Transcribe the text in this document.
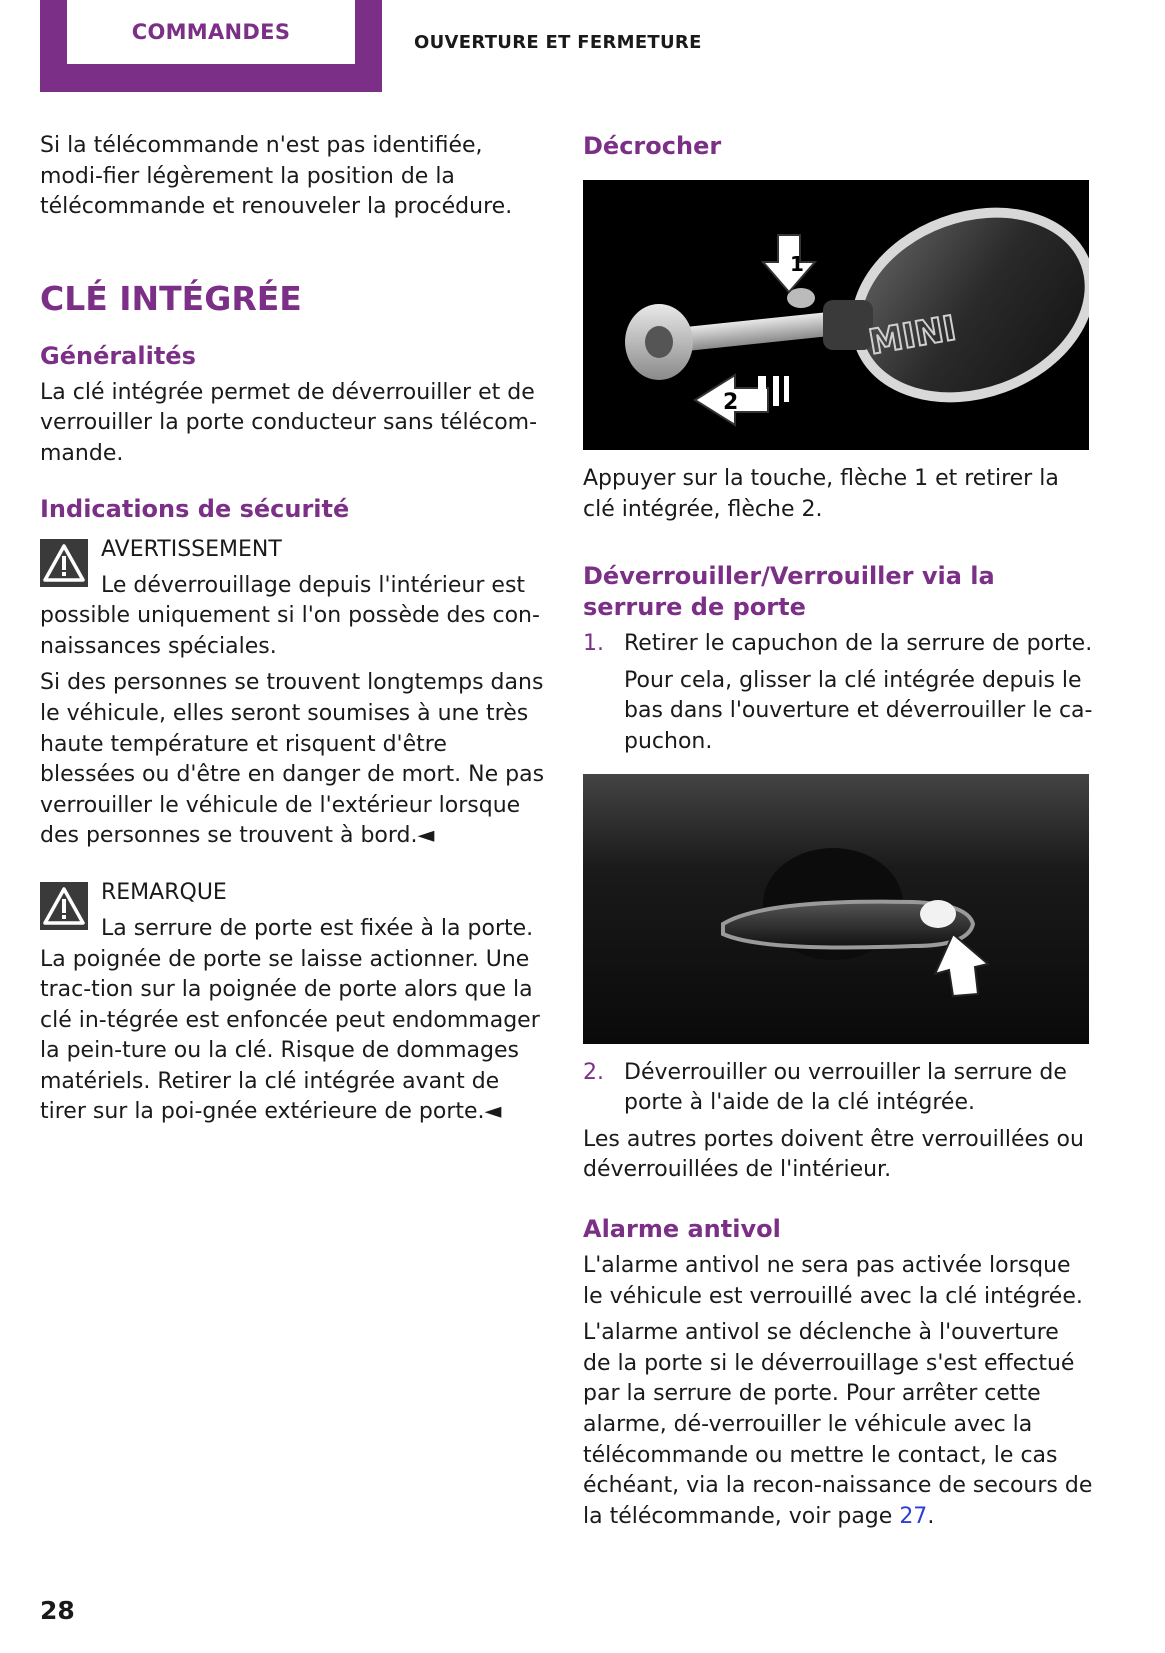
COMMANDES	OUVERTURE ET FERMETURE

Si la télécommande n'est pas identifiée, modi-fier légèrement la position de la télécommande et renouveler la procédure.

CLÉ INTÉGRÉE
Généralités

La clé intégrée permet de déverrouiller et de verrouiller la porte conducteur sans télécom-mande.

Indications de sécurité
AVERTISSEMENT

Le déverrouillage depuis l'intérieur est possible uniquement si l'on possède des con-naissances spéciales.

Si des personnes se trouvent longtemps dans le véhicule, elles seront soumises à une très haute température et risquent d'être blessées ou d'être en danger de mort. Ne pas verrouiller le véhicule de l'extérieur lorsque des personnes se trouvent à bord.◄

REMARQUE

La serrure de porte est fixée à la porte. La poignée de porte se laisse actionner. Une trac-tion sur la poignée de porte alors que la clé in-tégrée est enfoncée peut endommager la pein-ture ou la clé. Risque de dommages matériels. Retirer la clé intégrée avant de tirer sur la poi-gnée extérieure de porte.◄

Décrocher
1
2
MINI

Appuyer sur la touche, flèche 1 et retirer la clé intégrée, flèche 2.

Déverrouiller/Verrouiller via la serrure de porte
1. Retirer le capuchon de la serrure de porte.

Pour cela, glisser la clé intégrée depuis le bas dans l'ouverture et déverrouiller le ca-puchon.

2. Déverrouiller ou verrouiller la serrure de porte à l'aide de la clé intégrée.

Les autres portes doivent être verrouillées ou déverrouillées de l'intérieur.

Alarme antivol

L'alarme antivol ne sera pas activée lorsque le véhicule est verrouillé avec la clé intégrée.

L'alarme antivol se déclenche à l'ouverture de la porte si le déverrouillage s'est effectué par la serrure de porte. Pour arrêter cette alarme, dé-verrouiller le véhicule avec la télécommande ou mettre le contact, le cas échéant, via la recon-naissance de secours de la télécommande, voir page 27.

28
